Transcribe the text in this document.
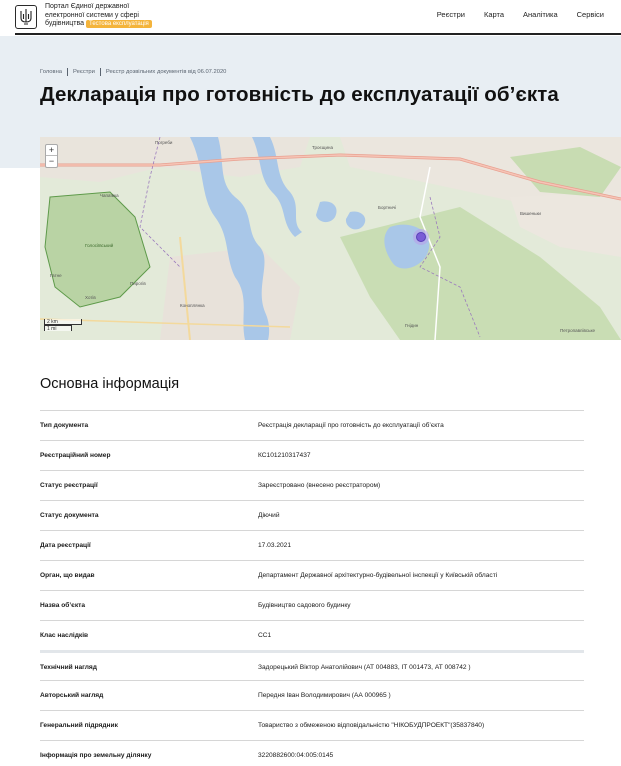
Портал Єдиної державної
електронної системи у сфері
будівництва Тестова експлуатація
Реєстри	Карта	Аналітика	Сервіси
Головна Реєстри Реєстр дозвільних документів від 06.07.2020
Декларація про готовність до експлуатації об’єкта
Погреби
Троєщина
Бортничі
Гнідин
Вишеньки
Чапаївка
Гатне
Голосіївський
Пирогів
Коноплянка
Хотів
Петропавлівське
+
−
2 km
1 mi
Основна інформація
Тип документа	Реєстрація декларації про готовність до експлуатації об’єкта
Реєстраційний номер	КС101210317437
Статус реєстрації	Зареєстровано (внесено реєстратором)
Статус документа	Діючий
Дата реєстрації	17.03.2021
Орган, що видав	Департамент Державної архітектурно-будівельної інспекції у Київській області
Назва об’єкта	Будівництво садового будинку
Клас наслідків	СС1
Технічний нагляд	Задорецький Віктор Анатолійович (АТ 004883, ІТ 001473, АТ 008742 )
Авторський нагляд	Передня Іван Володимирович (АА 000965 )
Генеральний підрядник	Товариство з обмеженою відповідальністю "НІКОБУДПРОЕКТ"(35837840)
Інформація про земельну ділянку	3220882600:04:005:0145
